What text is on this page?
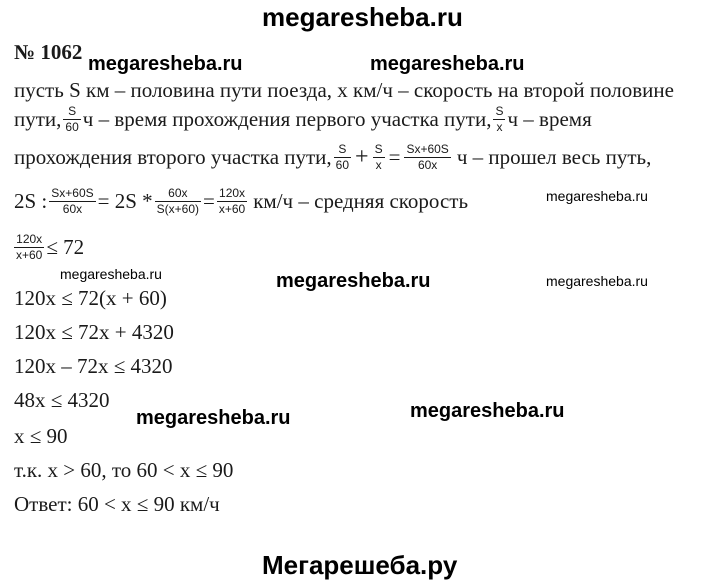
megaresheba.ru
№ 1062 megaresheba.ru	megaresheba.ru
пусть S км – половина пути поезда, x км/ч – скорость на второй половине
пути, $\frac{S}{60}$ ч – время прохождения первого участка пути, $\frac{S}{x}$ ч – время
прохождения второго участка пути, $\frac{S}{60} + \frac{S}{x} = \frac{Sx+60S}{60x}$ ч – прошел весь путь,
megaresheba.ru
2S : $\frac{Sx+60S}{60x} = 2S * \frac{60x}{S(x+60)} = \frac{120x}{x+60} км/ч$ – средняя скорость
$\frac{120x}{x+60} \le 72$
megaresheba.ru	megaresheba.ru	megaresheba.ru
120x ≤ 72(x + 60)
120x ≤ 72x + 4320
120x – 72x ≤ 4320
48x ≤ 4320
megaresheba.ru	megaresheba.ru
x ≤ 90
т.к. x > 60, то 60 < x ≤ 90
Ответ: 60 < x ≤ 90 км/ч
Мегарешеба.ру
